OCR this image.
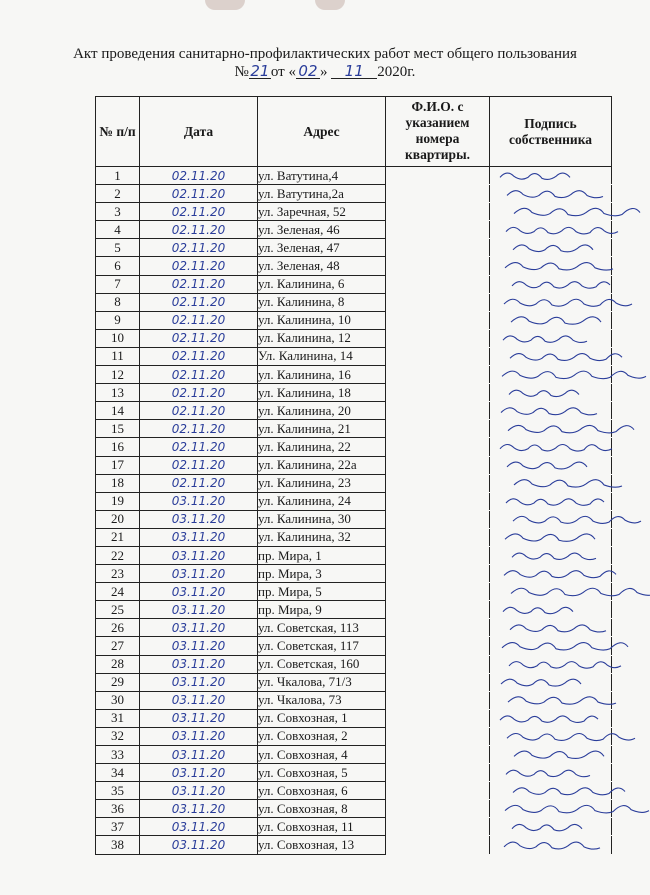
Акт проведения санитарно-профилактических работ мест общего пользования
№21от « 02 » 11 2020г.
№ п/п	Дата	Адрес	Ф.И.О. с указанием номера квартиры.	Подпись собственника
1	02.11.20	ул. Ватутина,4		
2	02.11.20	ул. Ватутина,2а		
3	02.11.20	ул. Заречная, 52		
4	02.11.20	ул. Зеленая, 46		
5	02.11.20	ул. Зеленая, 47		
6	02.11.20	ул. Зеленая, 48		
7	02.11.20	ул. Калинина, 6		
8	02.11.20	ул. Калинина, 8		
9	02.11.20	ул. Калинина, 10		
10	02.11.20	ул. Калинина, 12		
11	02.11.20	Ул. Калинина, 14		
12	02.11.20	ул. Калинина, 16		
13	02.11.20	ул. Калинина, 18		
14	02.11.20	ул. Калинина, 20		
15	02.11.20	ул. Калинина, 21		
16	02.11.20	ул. Калинина, 22		
17	02.11.20	ул. Калинина, 22а		
18	02.11.20	ул. Калинина, 23		
19	03.11.20	ул. Калинина, 24		
20	03.11.20	ул. Калинина, 30		
21	03.11.20	ул. Калинина, 32		
22	03.11.20	пр. Мира, 1		
23	03.11.20	пр. Мира, 3		
24	03.11.20	пр. Мира, 5		
25	03.11.20	пр. Мира, 9		
26	03.11.20	ул. Советская, 113		
27	03.11.20	ул. Советская, 117		
28	03.11.20	ул. Советская, 160		
29	03.11.20	ул. Чкалова, 71/3		
30	03.11.20	ул. Чкалова, 73		
31	03.11.20	ул. Совхозная, 1		
32	03.11.20	ул. Совхозная, 2		
33	03.11.20	ул. Совхозная, 4		
34	03.11.20	ул. Совхозная, 5		
35	03.11.20	ул. Совхозная, 6		
36	03.11.20	ул. Совхозная, 8		
37	03.11.20	ул. Совхозная, 11		
38	03.11.20	ул. Совхозная, 13		
